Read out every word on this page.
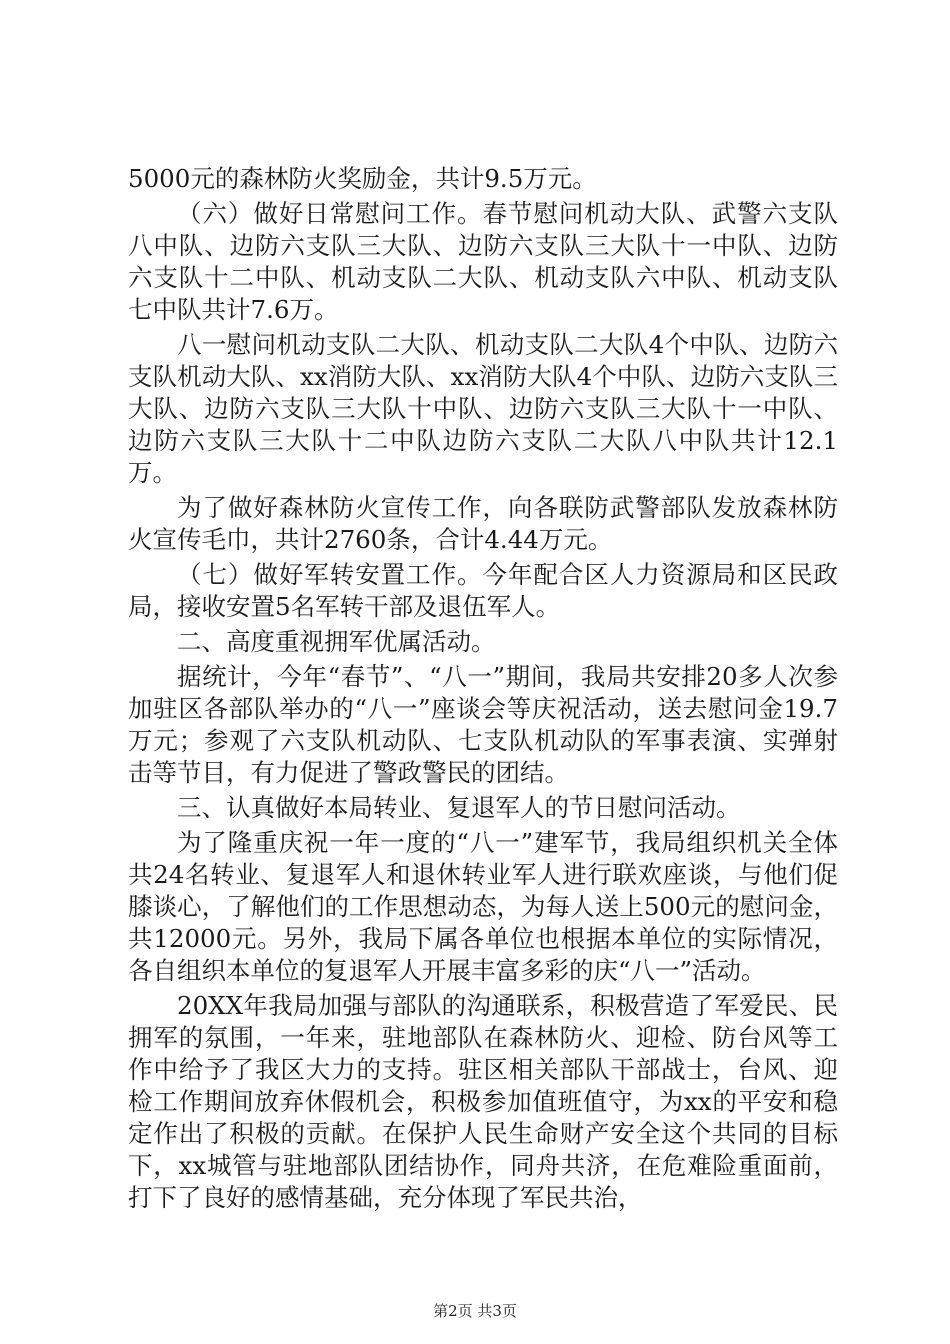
5000元的森林防火奖励金，共计9.5万元。

（六）做好日常慰问工作。春节慰问机动大队、武警六支队八中队、边防六支队三大队、边防六支队三大队十一中队、边防六支队十二中队、机动支队二大队、机动支队六中队、机动支队七中队共计7.6万。

八一慰问机动支队二大队、机动支队二大队4个中队、边防六支队机动大队、xx消防大队、xx消防大队4个中队、边防六支队三大队、边防六支队三大队十中队、边防六支队三大队十一中队、边防六支队三大队十二中队边防六支队二大队八中队共计12.1万。

为了做好森林防火宣传工作，向各联防武警部队发放森林防火宣传毛巾，共计2760条，合计4.44万元。

（七）做好军转安置工作。今年配合区人力资源局和区民政局，接收安置5名军转干部及退伍军人。

二、高度重视拥军优属活动。

据统计，今年“春节”、“八一”期间，我局共安排20多人次参加驻区各部队举办的“八一”座谈会等庆祝活动，送去慰问金19.7万元；参观了六支队机动队、七支队机动队的军事表演、实弹射击等节目，有力促进了警政警民的团结。

三、认真做好本局转业、复退军人的节日慰问活动。

为了隆重庆祝一年一度的“八一”建军节，我局组织机关全体共24名转业、复退军人和退休转业军人进行联欢座谈，与他们促膝谈心，了解他们的工作思想动态，为每人送上500元的慰问金，共12000元。另外，我局下属各单位也根据本单位的实际情况，各自组织本单位的复退军人开展丰富多彩的庆“八一”活动。

20XX年我局加强与部队的沟通联系，积极营造了军爱民、民拥军的氛围，一年来，驻地部队在森林防火、迎检、防台风等工作中给予了我区大力的支持。驻区相关部队干部战士，台风、迎检工作期间放弃休假机会，积极参加值班值守，为xx的平安和稳定作出了积极的贡献。在保护人民生命财产安全这个共同的目标下，xx城管与驻地部队团结协作，同舟共济，在危难险重面前，打下了良好的感情基础，充分体现了军民共治，

第2页 共3页
